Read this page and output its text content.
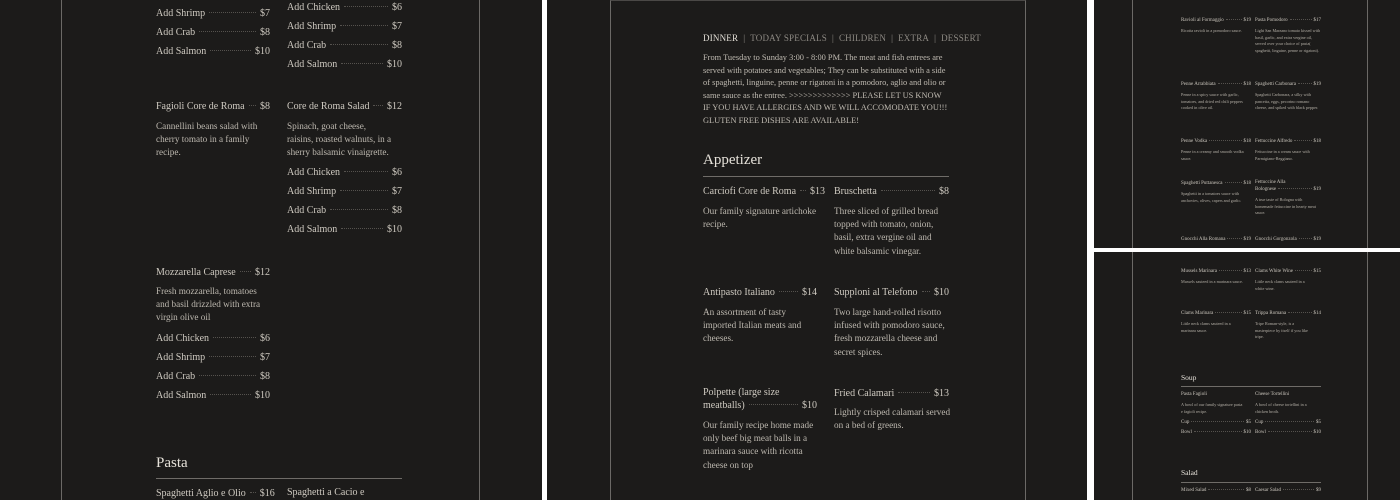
Add Shrimp	$7
Add Crab	$8
Add Salmon	$10
Add Chicken	$6
Add Shrimp	$7
Add Crab	$8
Add Salmon	$10
Fagioli Core de Roma $8
Cannellini beans salad with cherry tomato in a family recipe.
Core de Roma Salad $12
Spinach, goat cheese, raisins, roasted walnuts, in a sherry balsamic vinaigrette.
Add Chicken	$6
Add Shrimp	$7
Add Crab	$8
Add Salmon	$10
Mozzarella Caprese $12
Fresh mozzarella, tomatoes and basil drizzled with extra virgin olive oil
Add Chicken	$6
Add Shrimp	$7
Add Crab	$8
Add Salmon	$10
Pasta
Spaghetti Aglio e Olio $16 Spaghetti a Cacio e
DINNER | TODAY SPECIALS | CHILDREN | EXTRA | DESSERT
From Tuesday to Sunday 3:00 - 8:00 PM. The meat and fish entrees are served with potatoes and vegetables; They can be substituted with a side of spaghetti, linguine, penne or rigatoni in a pomodoro, aglio and olio or same sauce as the entree. >>>>>>>>>>>>> PLEASE LET US KNOW IF YOU HAVE ALLERGIES AND WE WILL ACCOMODATE YOU!!! GLUTEN FREE DISHES ARE AVAILABLE!
Appetizer
Carciofi Core de Roma $13
Our family signature artichoke recipe.
Bruschetta	$8
Three sliced of grilled bread topped with tomato, onion, basil, extra vergine oil and white balsamic vinegar.
Antipasto Italiano	$14
An assortment of tasty imported Italian meats and cheeses.
Supploni al Telefono $10
Two large hand-rolled risotto infused with pomodoro sauce, fresh mozzarella cheese and secret spices.
Polpette (large size
meatballs)	$10
Our family recipe home made only beef big meat balls in a marinara sauce with ricotta cheese on top
Fried Calamari	$13
Lightly crisped calamari served on a bed of greens.
Ravioli al Formaggio	$19
Ricotta ravioli in a pomodoro sauce.
Pasta Pomodoro	$17
Light San Marzano tomato kissed with basil, garlic, and extra vergine oil, served over your choice of pasta( spaghetti, linguine, penne or rigatoni).
Penne Arrabbiata	$18
Penne in a spicy sauce with garlic, tomatoes, and dried red chili peppers cooked in olive oil.
Spaghetti Carbonara	$19
Spaghetti Carbonara, a silky with pancetta, eggs, pecorino romano cheese, and spiked with black pepper.
Penne Vodka	$18
Penne in a creamy and smooth vodka sauce.
Fettuccine Alfredo	$18
Fettuccine in a cream sauce with Parmigiano-Reggiano.
Spaghetti Puttanesca	$18
Spaghetti in a tomatoes sauce with anchovies, olives, capers and garlic.
Fettuccine Alla
Bolognese	$19
A true taste of Bologna with homemade fettuccine in hearty meat sauce.
Gnocchi Alla Romana	$19 Gnocchi Gorgonzola	$19
Mussels Marinara	$13
Mussels sauteed in a marinara sauce.
Clams White Wine	$15
Little neck clams sauteed in a white wine.
Clams Marinara	$15
Little neck clams sauteed in a marinara sauce.
Trippa Romana	$14
Tripe Roman-style, is a masterpiece by itself if you like tripe.
Soup
Pasta Fagioli
A bowl of our family signature pasta e fagioli recipe.
Cup	$5
Bowl	$10
Cheese Tortellini
A bowl of cheese tortellini in a chicken broth.
Cup	$5
Bowl	$10
Salad
Mixed Salad	$8 Caesar Salad	$9
